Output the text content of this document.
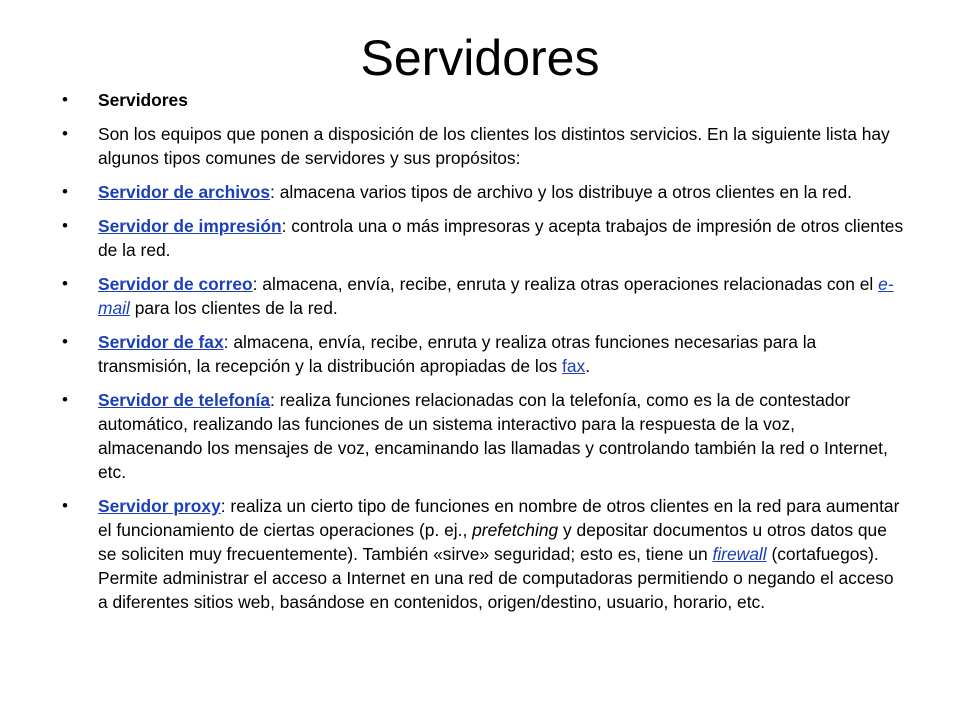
Servidores
• Servidores
• Son los equipos que ponen a disposición de los clientes los distintos servicios. En la siguiente lista hay algunos tipos comunes de servidores y sus propósitos:
• Servidor de archivos: almacena varios tipos de archivo y los distribuye a otros clientes en la red.
• Servidor de impresión: controla una o más impresoras y acepta trabajos de impresión de otros clientes de la red.
• Servidor de correo: almacena, envía, recibe, enruta y realiza otras operaciones relacionadas con el e-mail para los clientes de la red.
• Servidor de fax: almacena, envía, recibe, enruta y realiza otras funciones necesarias para la transmisión, la recepción y la distribución apropiadas de los fax.
• Servidor de telefonía: realiza funciones relacionadas con la telefonía, como es la de contestador automático, realizando las funciones de un sistema interactivo para la respuesta de la voz, almacenando los mensajes de voz, encaminando las llamadas y controlando también la red o Internet, etc.
• Servidor proxy: realiza un cierto tipo de funciones en nombre de otros clientes en la red para aumentar el funcionamiento de ciertas operaciones (p. ej., prefetching y depositar documentos u otros datos que se soliciten muy frecuentemente). También «sirve» seguridad; esto es, tiene un firewall (cortafuegos). Permite administrar el acceso a Internet en una red de computadoras permitiendo o negando el acceso a diferentes sitios web, basándose en contenidos, origen/destino, usuario, horario, etc.
